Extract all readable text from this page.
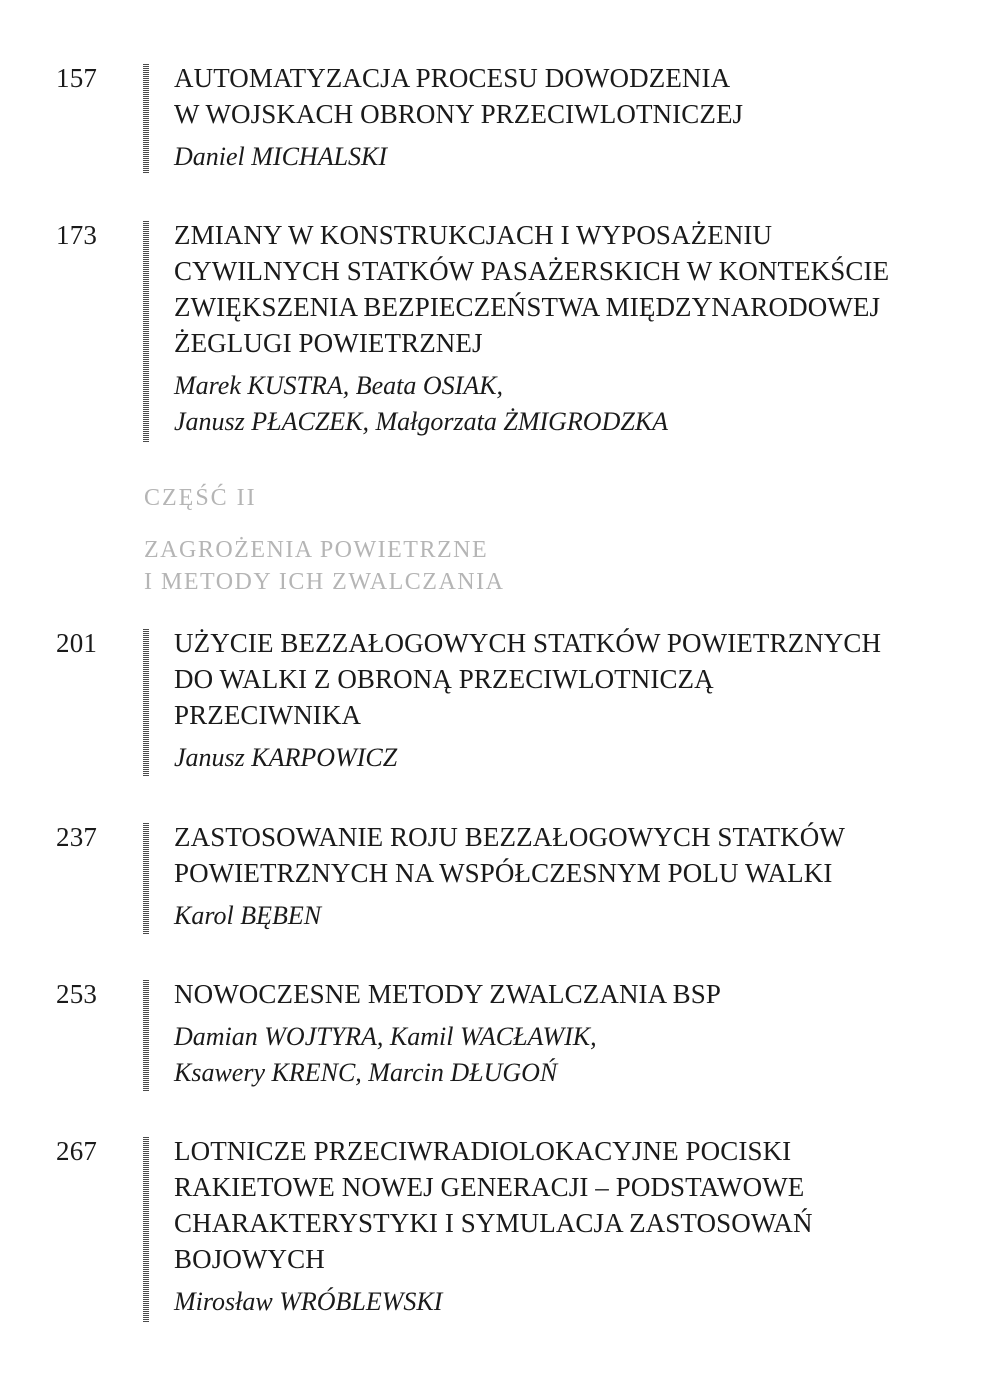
157	AUTOMATYZACJA PROCESU DOWODZENIA
W WOJSKACH OBRONY PRZECIWLOTNICZEJ
Daniel MICHALSKI
173	ZMIANY W KONSTRUKCJACH I WYPOSAŻENIU
CYWILNYCH STATKÓW PASAŻERSKICH W KONTEKŚCIE
ZWIĘKSZENIA BEZPIECZEŃSTWA MIĘDZYNARODOWEJ
ŻEGLUGI POWIETRZNEJ
Marek KUSTRA, Beata OSIAK,
Janusz PŁACZEK, Małgorzata ŻMIGRODZKA
CZĘŚĆ II
ZAGROŻENIA POWIETRZNE
I METODY ICH ZWALCZANIA
201	UŻYCIE BEZZAŁOGOWYCH STATKÓW POWIETRZNYCH
DO WALKI Z OBRONĄ PRZECIWLOTNICZĄ
PRZECIWNIKA
Janusz KARPOWICZ
237	ZASTOSOWANIE ROJU BEZZAŁOGOWYCH STATKÓW
POWIETRZNYCH NA WSPÓŁCZESNYM POLU WALKI
Karol BĘBEN
253	NOWOCZESNE METODY ZWALCZANIA BSP
Damian WOJTYRA, Kamil WACŁAWIK,
Ksawery KRENC, Marcin DŁUGOŃ
267	LOTNICZE PRZECIWRADIOLOKACYJNE POCISKI
RAKIETOWE NOWEJ GENERACJI – PODSTAWOWE
CHARAKTERYSTYKI I SYMULACJA ZASTOSOWAŃ
BOJOWYCH
Mirosław WRÓBLEWSKI
